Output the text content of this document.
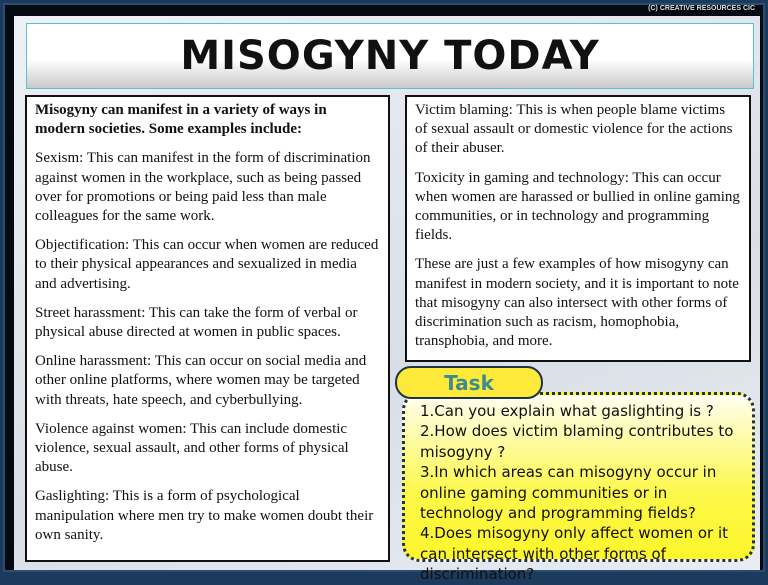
(C) CREATIVE RESOURCES CIC
MISOGYNY TODAY

Misogyny can manifest in a variety of ways in modern societies. Some examples include:

Sexism: This can manifest in the form of discrimination against women in the workplace, such as being passed over for promotions or being paid less than male colleagues for the same work.

Objectification: This can occur when women are reduced to their physical appearances and sexualized in media and advertising.

Street harassment: This can take the form of verbal or physical abuse directed at women in public spaces.

Online harassment: This can occur on social media and other online platforms, where women may be targeted with threats, hate speech, and cyberbullying.

Violence against women: This can include domestic violence, sexual assault, and other forms of physical abuse.

Gaslighting: This is a form of psychological manipulation where men try to make women doubt their own sanity.

Victim blaming: This is when people blame victims of sexual assault or domestic violence for the actions of their abuser.

Toxicity in gaming and technology: This can occur when women are harassed or bullied in online gaming communities, or in technology and programming fields.

These are just a few examples of how misogyny can manifest in modern society, and it is important to note that misogyny can also intersect with other forms of discrimination such as racism, homophobia, transphobia, and more.

Task
1.Can you explain what gaslighting is ?
2.How does victim blaming contributes to misogyny ?
3.In which areas can misogyny occur in online gaming communities or in technology and programming fields?
4.Does misogyny only affect women or it can intersect with other forms of discrimination?
